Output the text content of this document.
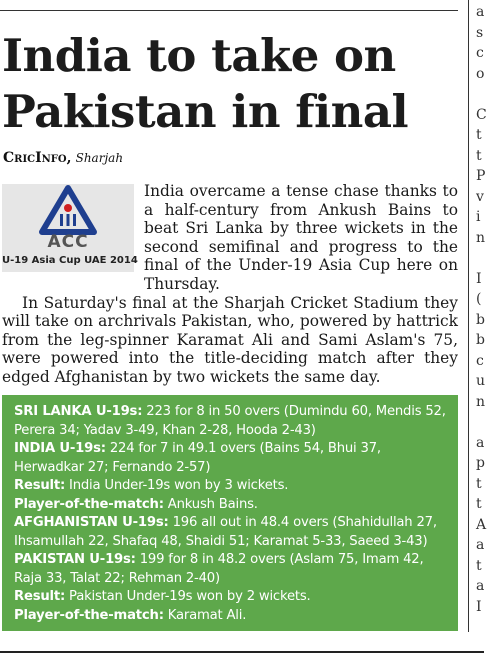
India to take on Pakistan in final
CricInfo, Sharjah

India overcame a tense chase thanks to a half-century from Ankush Bains to beat Sri Lanka by three wickets in the second semifinal and progress to the final of the Under-19 Asia Cup here on Thursday.

In Saturday's final at the Sharjah Cricket Stadium they will take on archrivals Pakistan, who, powered by hattrick from the leg-spinner Karamat Ali and Sami Aslam's 75, were powered into the title-deciding match after they edged Afghanistan by two wickets the same day.

ACC
U-19 Asia Cup UAE 2014
SRI LANKA U-19s: 223 for 8 in 50 overs (Dumindu 60, Mendis 52, Perera 34; Yadav 3-49, Khan 2-28, Hooda 2-43)
INDIA U-19s: 224 for 7 in 49.1 overs (Bains 54, Bhui 37, Herwadkar 27; Fernando 2-57)
Result: India Under-19s won by 3 wickets.
Player-of-the-match: Ankush Bains.
AFGHANISTAN U-19s: 196 all out in 48.4 overs (Shahidullah 27, Ihsamullah 22, Shafaq 48, Shaidi 51; Karamat 5-33, Saeed 3-43)
PAKISTAN U-19s: 199 for 8 in 48.2 overs (Aslam 75, Imam 42, Raja 33, Talat 22; Rehman 2-40)
Result: Pakistan Under-19s won by 2 wickets.
Player-of-the-match: Karamat Ali.
a
s
c
o
C
t
t
P
v
i
n
I
(
b
b
c
u
n
a
p
t
t
A
a
t
a
I
